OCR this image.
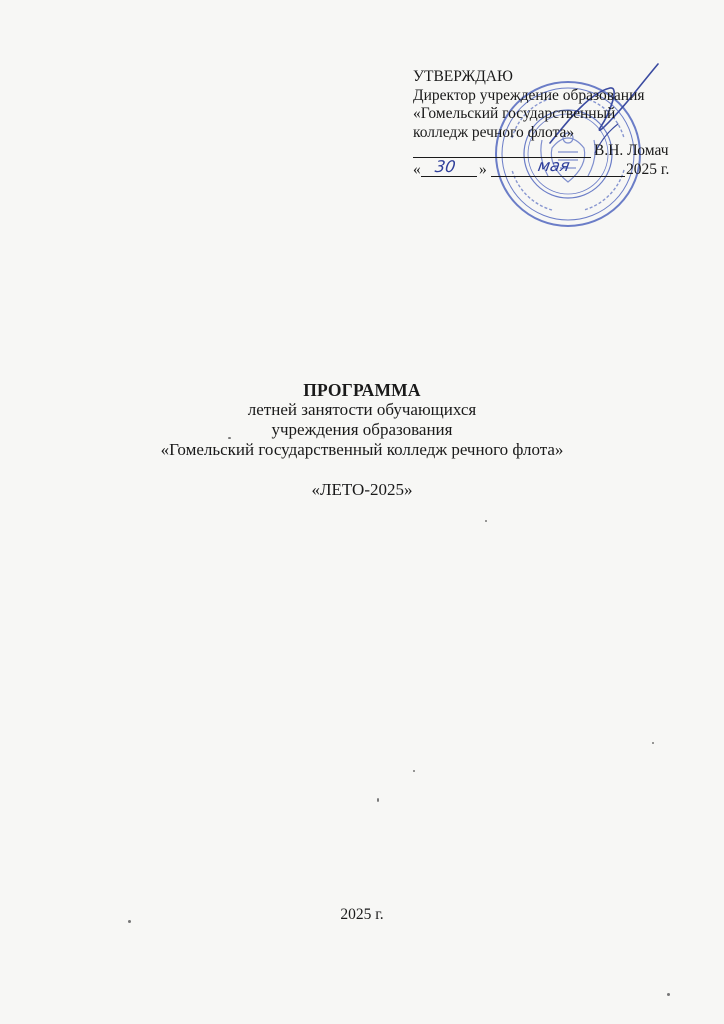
УТВЕРЖДАЮ
Директор учреждение образования
«Гомельский государственный
колледж речного флота»
В.Н. Ломач
« 30 »	мая	2025 г.
ПРОГРАММА
летней занятости обучающихся
учреждения образования
«Гомельский государственный колледж речного флота»
«ЛЕТО-2025»
2025 г.
